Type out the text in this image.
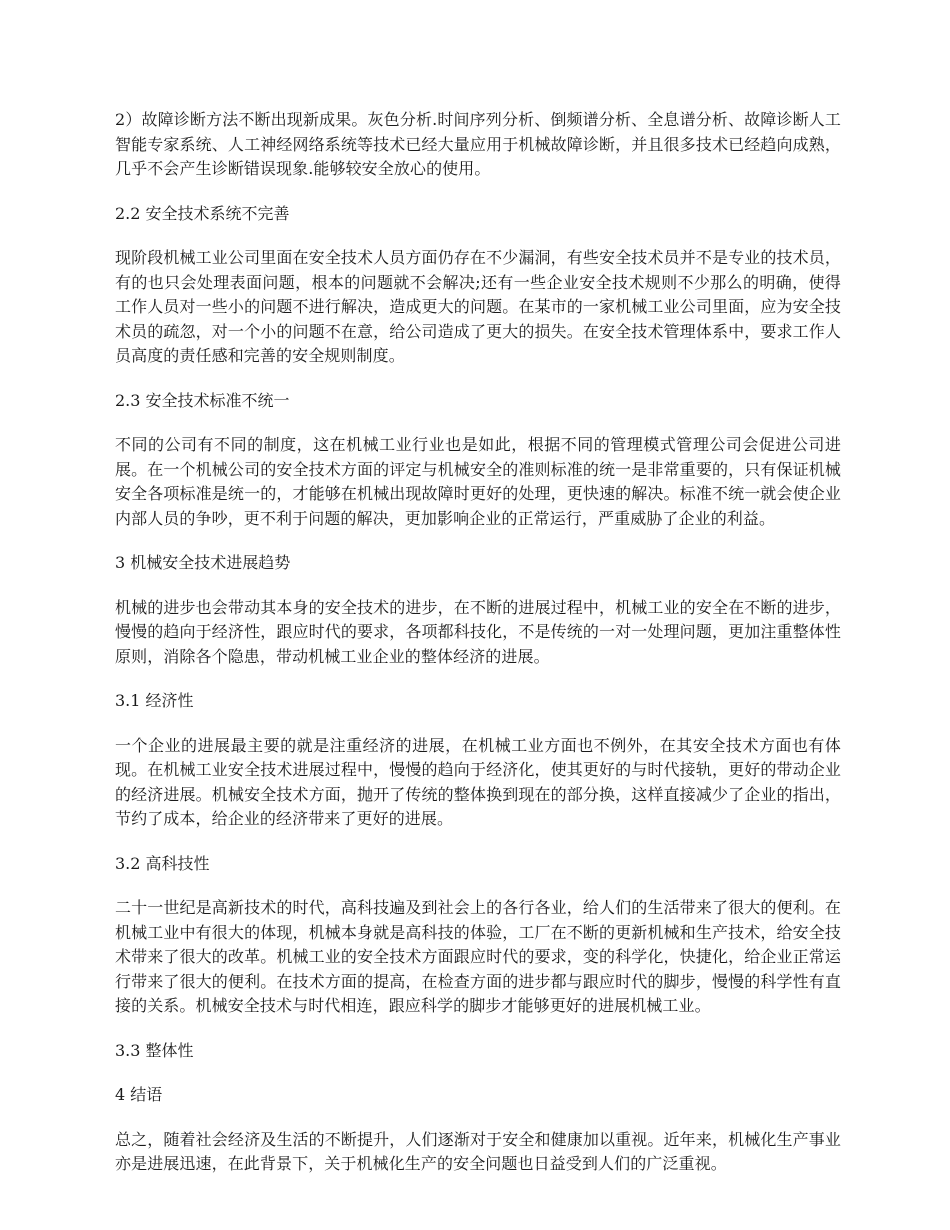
2）故障诊断方法不断出现新成果。灰色分析.时间序列分析、倒频谱分析、全息谱分析、故障诊断人工智能专家系统、人工神经网络系统等技术已经大量应用于机械故障诊断，并且很多技术已经趋向成熟，几乎不会产生诊断错误现象.能够较安全放心的使用。

2.2 安全技术系统不完善

现阶段机械工业公司里面在安全技术人员方面仍存在不少漏洞，有些安全技术员并不是专业的技术员，有的也只会处理表面问题，根本的问题就不会解决;还有一些企业安全技术规则不少那么的明确，使得工作人员对一些小的问题不进行解决，造成更大的问题。在某市的一家机械工业公司里面，应为安全技术员的疏忽，对一个小的问题不在意，给公司造成了更大的损失。在安全技术管理体系中，要求工作人员高度的责任感和完善的安全规则制度。

2.3 安全技术标准不统一

不同的公司有不同的制度，这在机械工业行业也是如此，根据不同的管理模式管理公司会促进公司进展。在一个机械公司的安全技术方面的评定与机械安全的准则标准的统一是非常重要的，只有保证机械安全各项标准是统一的，才能够在机械出现故障时更好的处理，更快速的解决。标准不统一就会使企业内部人员的争吵，更不利于问题的解决，更加影响企业的正常运行，严重威胁了企业的利益。

3 机械安全技术进展趋势

机械的进步也会带动其本身的安全技术的进步，在不断的进展过程中，机械工业的安全在不断的进步，慢慢的趋向于经济性，跟应时代的要求，各项都科技化，不是传统的一对一处理问题，更加注重整体性原则，消除各个隐患，带动机械工业企业的整体经济的进展。

3.1 经济性

一个企业的进展最主要的就是注重经济的进展，在机械工业方面也不例外，在其安全技术方面也有体现。在机械工业安全技术进展过程中，慢慢的趋向于经济化，使其更好的与时代接轨，更好的带动企业的经济进展。机械安全技术方面，抛开了传统的整体换到现在的部分换，这样直接减少了企业的指出，节约了成本，给企业的经济带来了更好的进展。

3.2 高科技性

二十一世纪是高新技术的时代，高科技遍及到社会上的各行各业，给人们的生活带来了很大的便利。在机械工业中有很大的体现，机械本身就是高科技的体验，工厂在不断的更新机械和生产技术，给安全技术带来了很大的改革。机械工业的安全技术方面跟应时代的要求，变的科学化，快捷化，给企业正常运行带来了很大的便利。在技术方面的提高，在检查方面的进步都与跟应时代的脚步，慢慢的科学性有直接的关系。机械安全技术与时代相连，跟应科学的脚步才能够更好的进展机械工业。

3.3 整体性

4 结语

总之，随着社会经济及生活的不断提升，人们逐渐对于安全和健康加以重视。近年来，机械化生产事业亦是进展迅速，在此背景下，关于机械化生产的安全问题也日益受到人们的广泛重视。
